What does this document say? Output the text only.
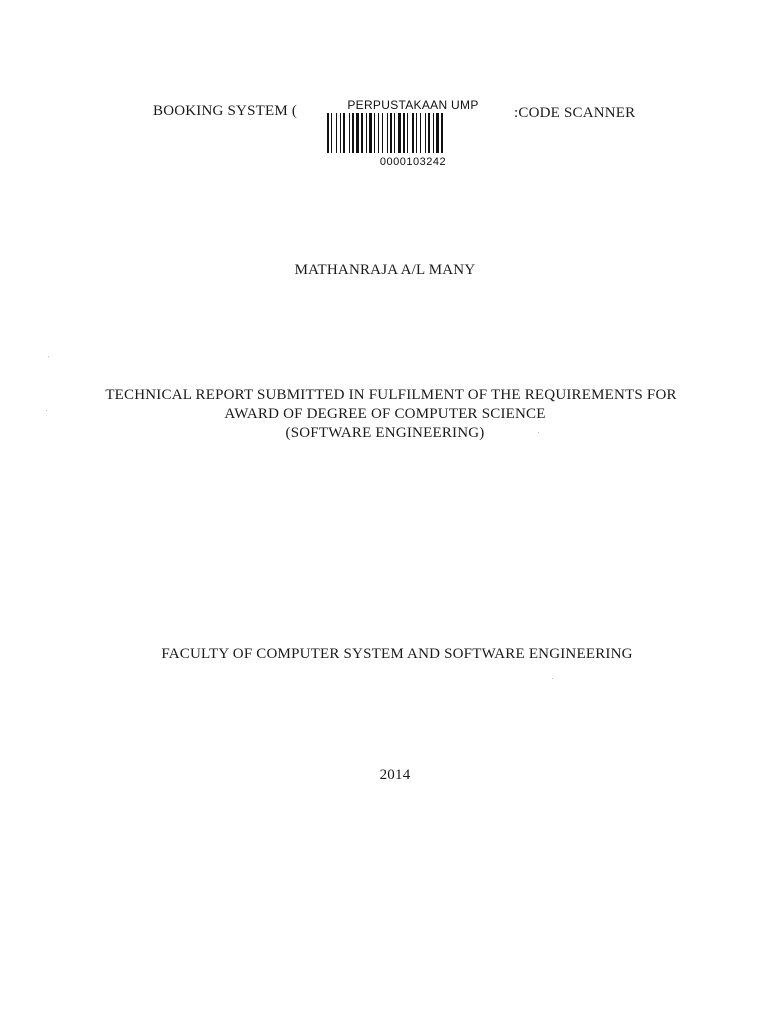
BOOKING SYSTEM (	PERPUSTAKAAN UMP
0000103242
:CODE SCANNER
MATHANRAJA A/L MANY
TECHNICAL REPORT SUBMITTED IN FULFILMENT OF THE REQUIREMENTS FOR
AWARD OF DEGREE OF COMPUTER SCIENCE
(SOFTWARE ENGINEERING)
FACULTY OF COMPUTER SYSTEM AND SOFTWARE ENGINEERING
2014
